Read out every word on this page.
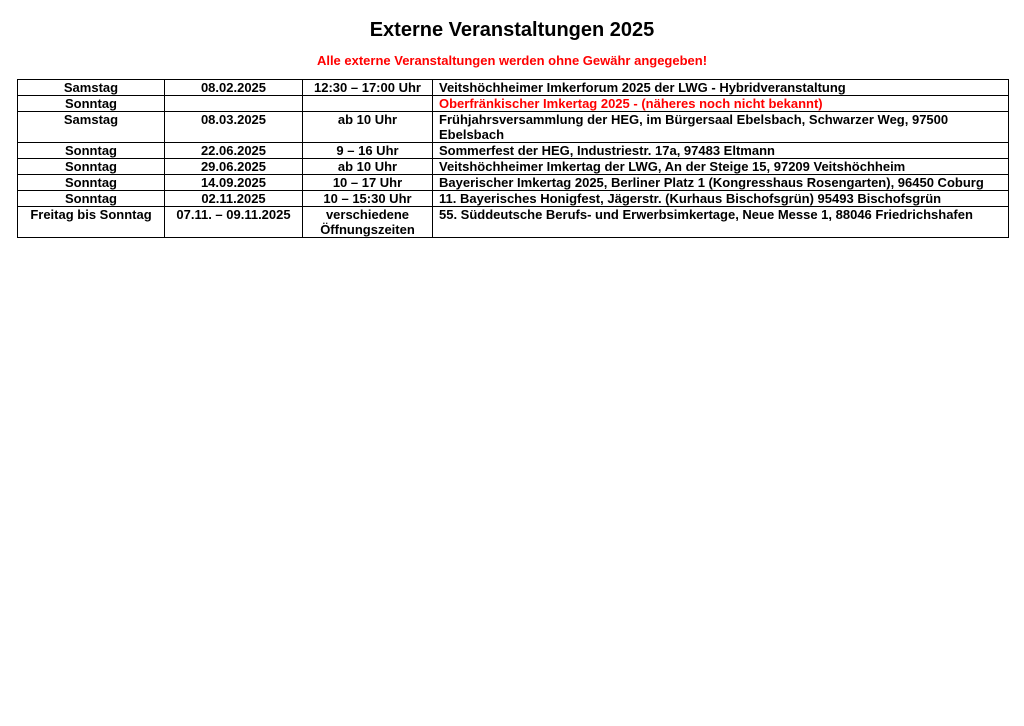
Externe Veranstaltungen 2025
Alle externe Veranstaltungen werden ohne Gewähr angegeben!
Samstag	08.02.2025	12:30 – 17:00 Uhr	Veitshöchheimer Imkerforum 2025 der LWG - Hybridveranstaltung
Sonntag			Oberfränkischer Imkertag 2025 - (näheres noch nicht bekannt)
Samstag	08.03.2025	ab 10 Uhr	Frühjahrsversammlung der HEG, im Bürgersaal Ebelsbach, Schwarzer Weg, 97500 Ebelsbach
Sonntag	22.06.2025	9 – 16 Uhr	Sommerfest der HEG, Industriestr. 17a, 97483 Eltmann
Sonntag	29.06.2025	ab 10 Uhr	Veitshöchheimer Imkertag der LWG, An der Steige 15, 97209 Veitshöchheim
Sonntag	14.09.2025	10 – 17 Uhr	Bayerischer Imkertag 2025, Berliner Platz 1 (Kongresshaus Rosengarten), 96450 Coburg
Sonntag	02.11.2025	10 – 15:30 Uhr	11. Bayerisches Honigfest, Jägerstr. (Kurhaus Bischofsgrün) 95493 Bischofsgrün
Freitag bis Sonntag	07.11. – 09.11.2025	verschiedene Öffnungszeiten	55. Süddeutsche Berufs- und Erwerbsimkertage, Neue Messe 1, 88046 Friedrichshafen
